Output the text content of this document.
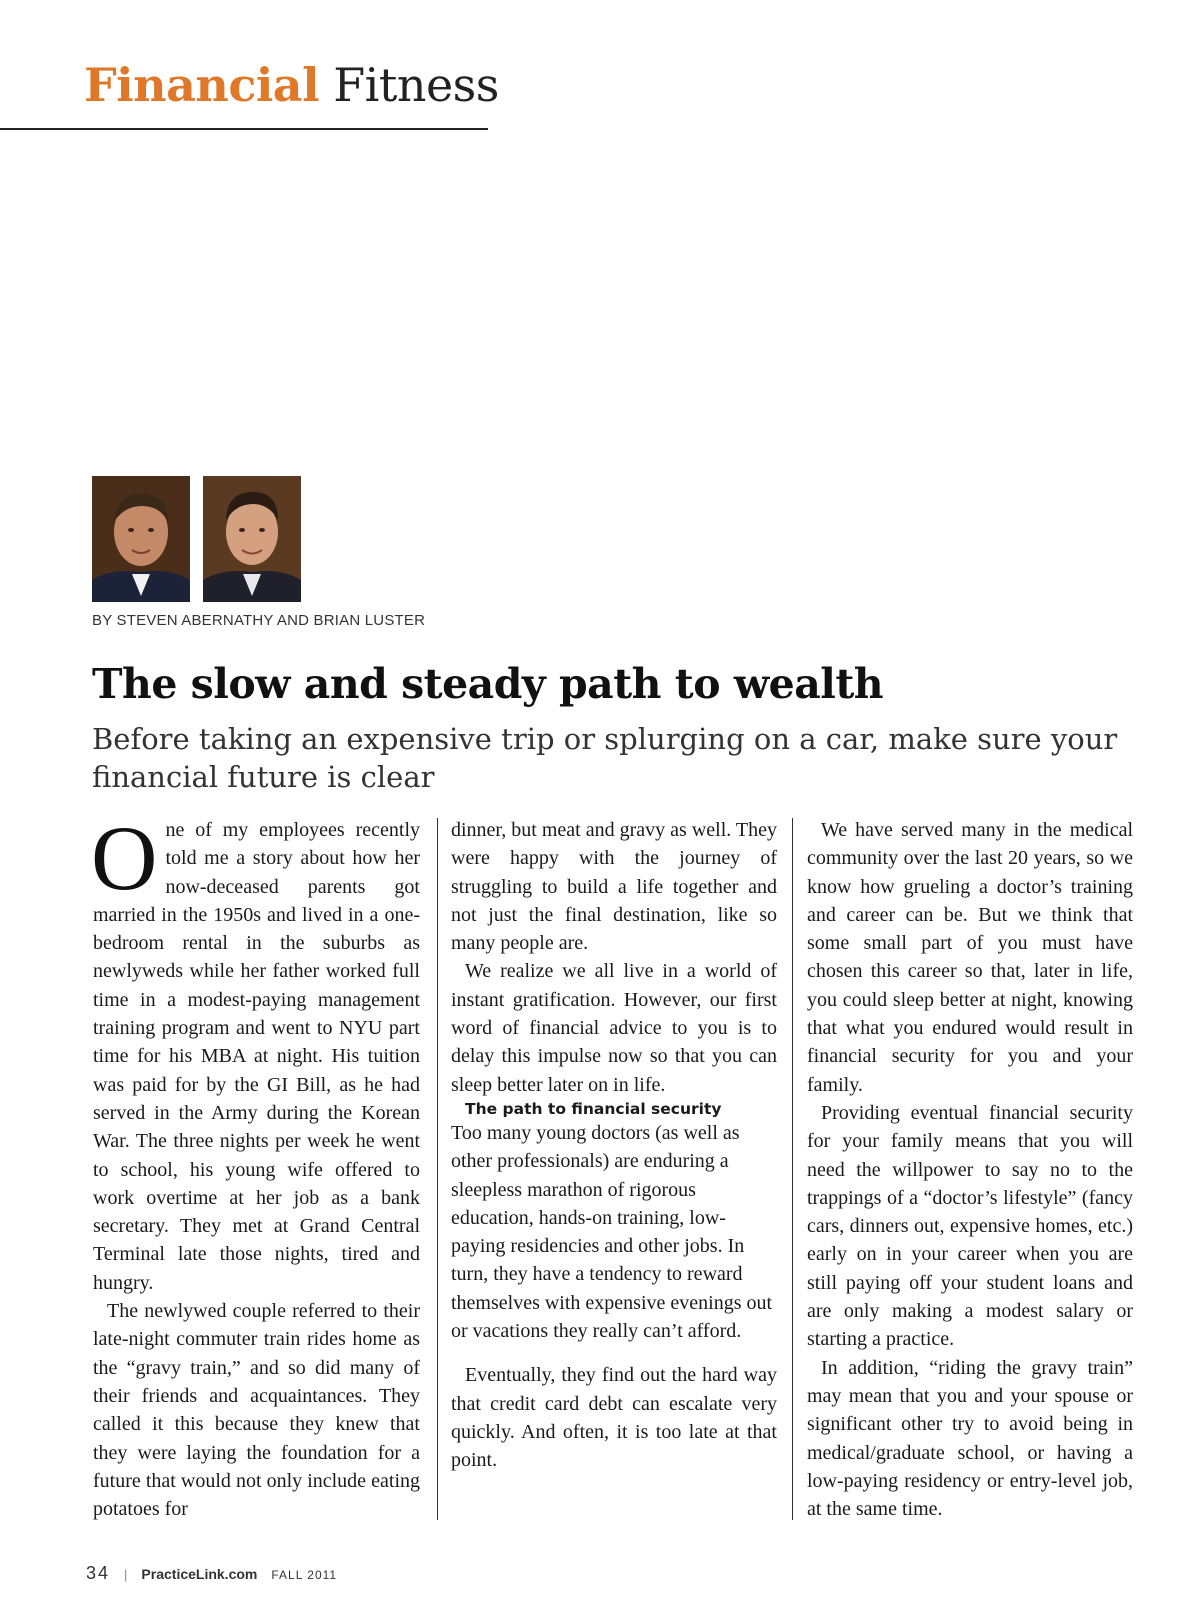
Financial Fitness
BY STEVEN ABERNATHY AND BRIAN LUSTER
The slow and steady path to wealth
Before taking an expensive trip or splurging on a car, make sure your financial future is clear

One of my employees recently told me a story about how her now-deceased parents got married in the 1950s and lived in a one-bedroom rental in the suburbs as newlyweds while her father worked full time in a modest-paying management training program and went to NYU part time for his MBA at night. His tuition was paid for by the GI Bill, as he had served in the Army during the Korean War. The three nights per week he went to school, his young wife offered to work overtime at her job as a bank secretary. They met at Grand Central Terminal late those nights, tired and hungry.

The newlywed couple referred to their late-night commuter train rides home as the “gravy train,” and so did many of their friends and acquaintances. They called it this because they knew that they were laying the foundation for a future that would not only include eating potatoes for

dinner, but meat and gravy as well. They were happy with the journey of struggling to build a life together and not just the final destination, like so many people are.

We realize we all live in a world of instant gratification. However, our first word of financial advice to you is to delay this impulse now so that you can sleep better later on in life.

The path to financial security

Too many young doctors (as well as other professionals) are enduring a sleepless marathon of rigorous education, hands-on training, low-paying residencies and other jobs. In turn, they have a tendency to reward themselves with expensive evenings out or vacations they really can’t afford.

Eventually, they find out the hard way that credit card debt can escalate very quickly. And often, it is too late at that point.

We have served many in the medical community over the last 20 years, so we know how grueling a doctor’s training and career can be. But we think that some small part of you must have chosen this career so that, later in life, you could sleep better at night, knowing that what you endured would result in financial security for you and your family.

Providing eventual financial security for your family means that you will need the willpower to say no to the trappings of a “doctor’s lifestyle” (fancy cars, dinners out, expensive homes, etc.) early on in your career when you are still paying off your student loans and are only making a modest salary or starting a practice.

In addition, “riding the gravy train” may mean that you and your spouse or significant other try to avoid being in medical/graduate school, or having a low-paying residency or entry-level job, at the same time.

34 | PracticeLink.com FALL 2011
